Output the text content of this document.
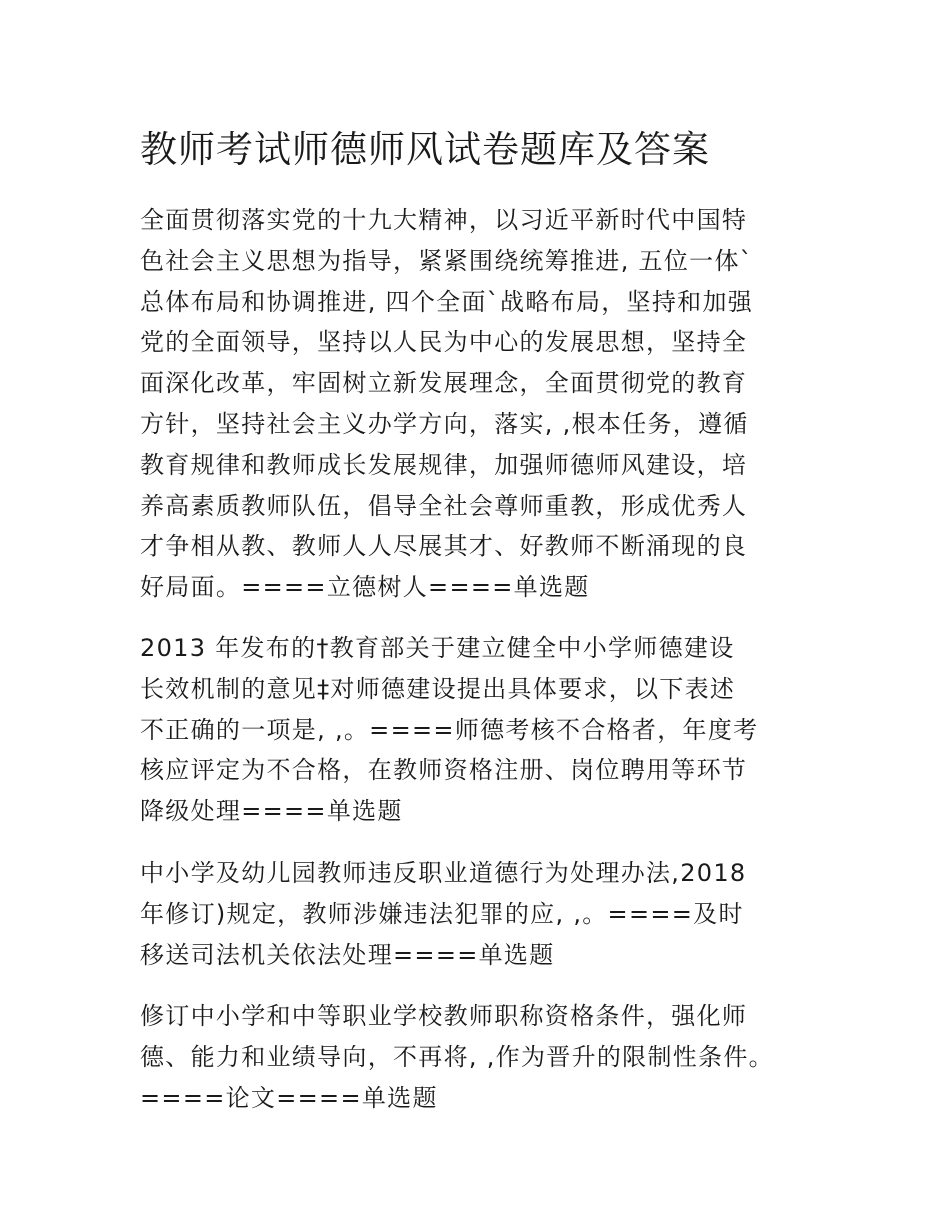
教师考试师德师风试卷题库及答案

全面贯彻落实党的十九大精神，以习近平新时代中国特
色社会主义思想为指导，紧紧围绕统筹推进, 五位一体`
总体布局和协调推进, 四个全面`战略布局，坚持和加强
党的全面领导，坚持以人民为中心的发展思想，坚持全
面深化改革，牢固树立新发展理念，全面贯彻党的教育
方针，坚持社会主义办学方向，落实, ,根本任务，遵循
教育规律和教师成长发展规律，加强师德师风建设，培
养高素质教师队伍，倡导全社会尊师重教，形成优秀人
才争相从教、教师人人尽展其才、好教师不断涌现的良
好局面。====立德树人====单选题

2013 年发布的†教育部关于建立健全中小学师德建设
长效机制的意见‡对师德建设提出具体要求，以下表述
不正确的一项是, ,。====师德考核不合格者，年度考
核应评定为不合格，在教师资格注册、岗位聘用等环节
降级处理====单选题

中小学及幼儿园教师违反职业道德行为处理办法,2018
年修订)规定，教师涉嫌违法犯罪的应, ,。====及时
移送司法机关依法处理====单选题

修订中小学和中等职业学校教师职称资格条件，强化师
德、能力和业绩导向，不再将, ,作为晋升的限制性条件。
====论文====单选题
